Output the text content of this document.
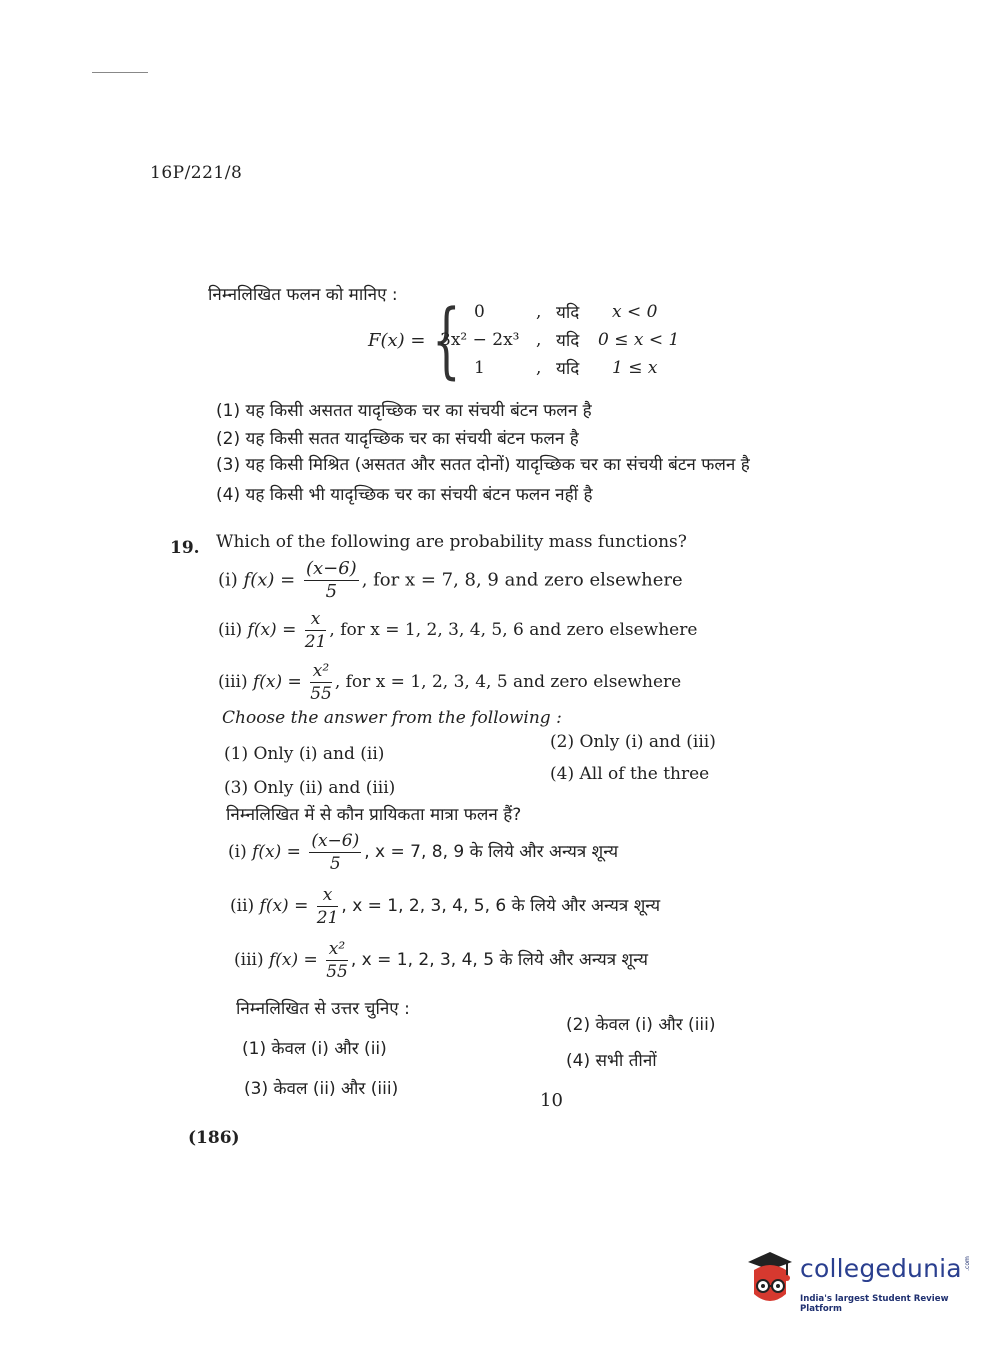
16P/221/8
निम्नलिखित फलन को मानिए :
F(x) = { 0
3x² − 2x³
1
,
,
,
यदि
यदि
यदि
x < 0
0 ≤ x < 1
1 ≤ x
(1) यह किसी असतत यादृच्छिक चर का संचयी बंटन फलन है
(2) यह किसी सतत यादृच्छिक चर का संचयी बंटन फलन है
(3) यह किसी मिश्रित (असतत और सतत दोनों) यादृच्छिक चर का संचयी बंटन फलन है
(4) यह किसी भी यादृच्छिक चर का संचयी बंटन फलन नहीं है
19. Which of the following are probability mass functions?
(i) $f(x) = \frac{(x-6)}{5}$ , for x = 7, 8, 9 and zero elsewhere
(ii) $f(x) = \frac{x}{21}$ , for x = 1, 2, 3, 4, 5, 6 and zero elsewhere
(iii) $f(x) = \frac{\text{x²}}{55}$ , for x = 1, 2, 3, 4, 5 and zero elsewhere
Choose the answer from the following :
(1) Only (i) and (ii)
(2) Only (i) and (iii)
(3) Only (ii) and (iii)
(4) All of the three
निम्नलिखित में से कौन प्रायिकता मात्रा फलन हैं?
(i) $f(x) = \frac{(x-6)}{5}$ , x = 7, 8, 9 के लिये और अन्यत्र शून्य
(ii) $f(x) = \frac{x}{21}$ , x = 1, 2, 3, 4, 5, 6 के लिये और अन्यत्र शून्य
(iii) $f(x) = \frac{\text{x²}}{55}$ , x = 1, 2, 3, 4, 5 के लिये और अन्यत्र शून्य
निम्नलिखित से उत्तर चुनिए :
(1) केवल (i) और (ii)
(2) केवल (i) और (iii)
(3) केवल (ii) और (iii)
(4) सभी तीनों
10
(186)
collegedunia
India's largest Student Review Platform
.com
